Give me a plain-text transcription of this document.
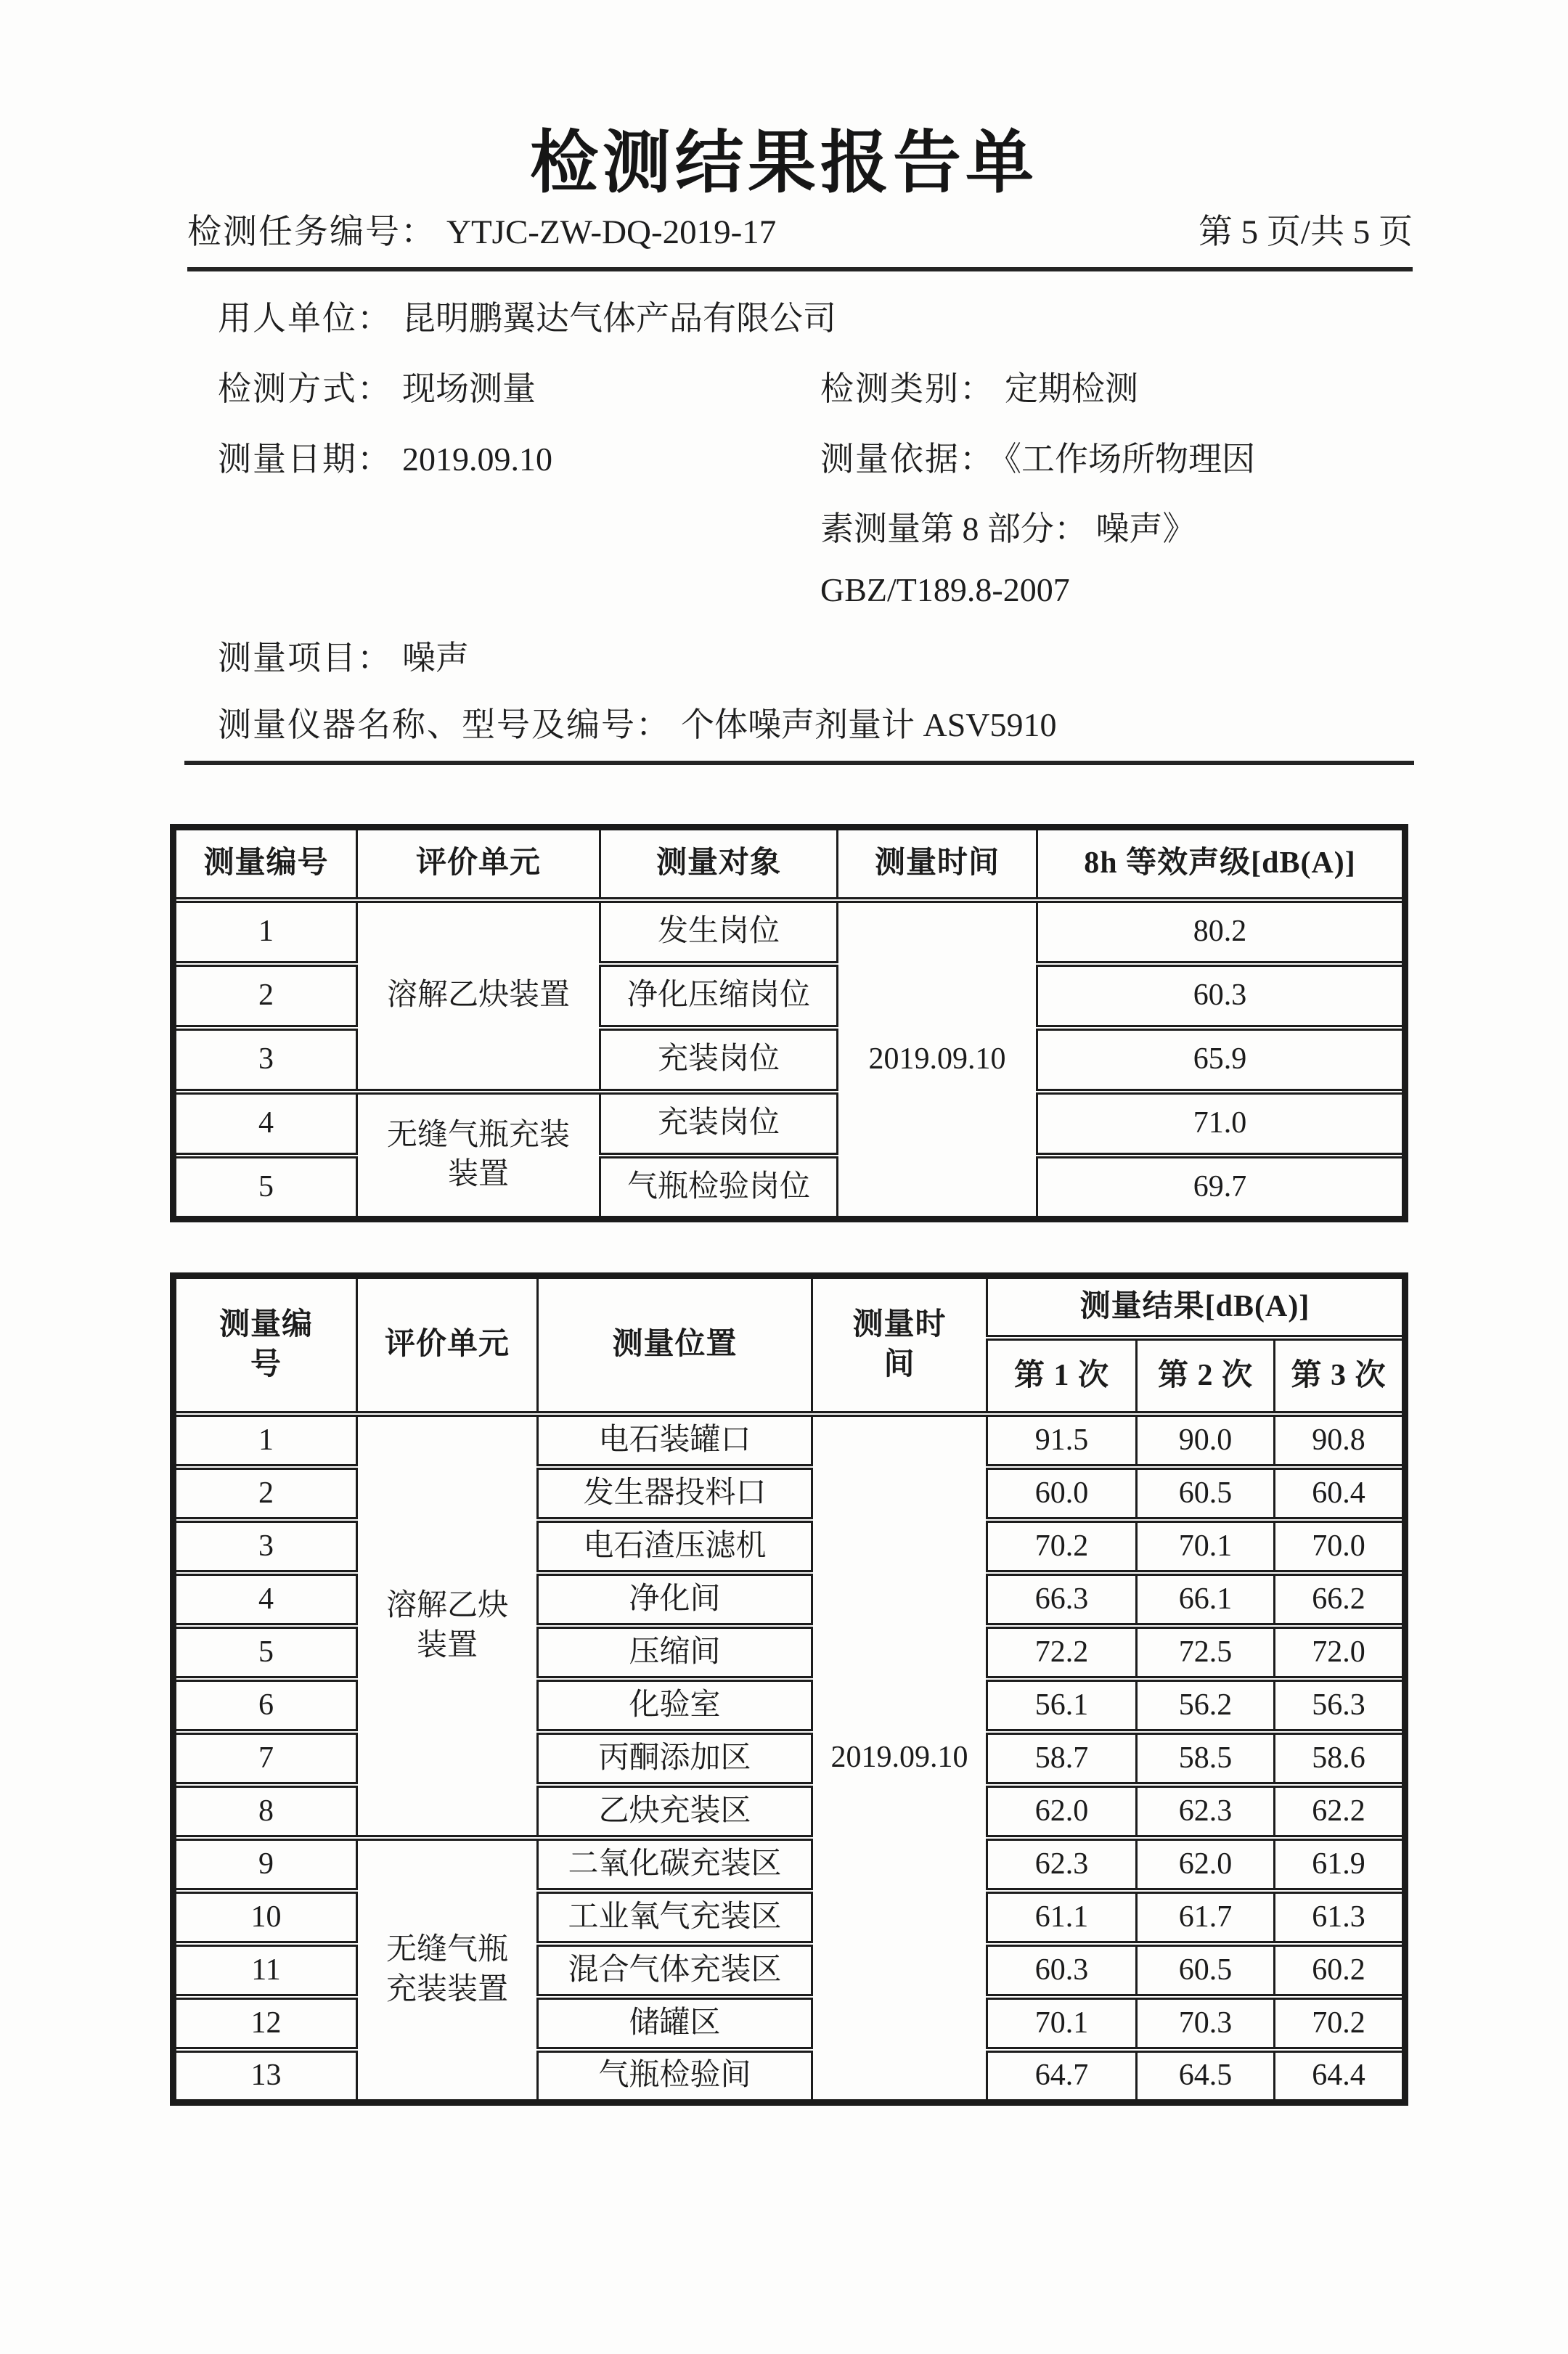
检测结果报告单
检测任务编号： YTJC-ZW-DQ-2019-17	第 5 页/共 5 页
用人单位： 昆明鹏翼达气体产品有限公司
检测方式： 现场测量	检测类别： 定期检测
测量日期： 2019.09.10	测量依据： 《工作场所物理因
素测量第 8 部分： 噪声》
GBZ/T189.8-2007
测量项目： 噪声
测量仪器名称、型号及编号： 个体噪声剂量计 ASV5910
测量编号	评价单元	测量对象	测量时间	8h 等效声级[dB(A)]
1	溶解乙炔装置	发生岗位	2019.09.10	80.2
2		净化压缩岗位		60.3
3		充装岗位		65.9
4	无缝气瓶充装装置	充装岗位		71.0
5		气瓶检验岗位		69.7
测量编号	评价单元	测量位置	测量时间	测量结果[dB(A)]		
				第 1 次	第 2 次	第 3 次
1	溶解乙炔装置	电石装罐口	2019.09.10	91.5	90.0	90.8
2		发生器投料口		60.0	60.5	60.4
3		电石渣压滤机		70.2	70.1	70.0
4		净化间		66.3	66.1	66.2
5		压缩间		72.2	72.5	72.0
6		化验室		56.1	56.2	56.3
7		丙酮添加区		58.7	58.5	58.6
8		乙炔充装区		62.0	62.3	62.2
9	无缝气瓶充装装置	二氧化碳充装区		62.3	62.0	61.9
10		工业氧气充装区		61.1	61.7	61.3
11		混合气体充装区		60.3	60.5	60.2
12		储罐区		70.1	70.3	70.2
13		气瓶检验间		64.7	64.5	64.4
